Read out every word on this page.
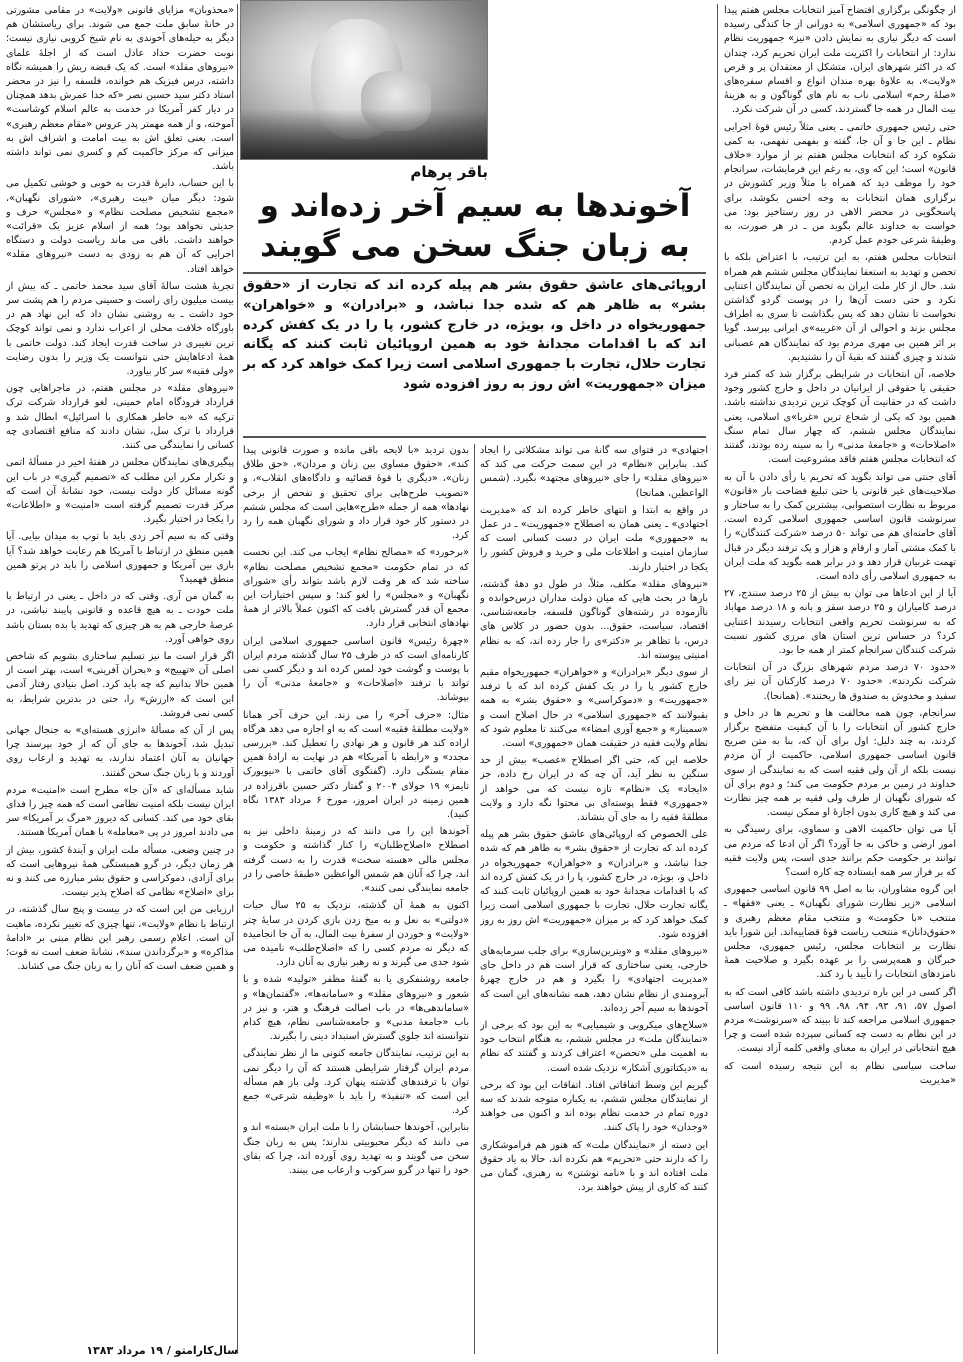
از چگونگی برگزاری افتضاح آمیز انتخابات مجلس هفتم پیدا بود که «جمهوری اسلامی» به دورانی از جا کندگی رسیده است که دیگر نیازی به نمایش دادن «نیز» جمهوریت نظام ندارد: از انتخابات را اکثریت ملت ایران تحریم کرد، چندان که در اکثر شهرهای ایران، متشکل از معتقدان پر و قرص «ولایت»، به علاوهٔ بهره مندان انواع و اقسام سفره‌های «صلهٔ رحم» اسلامی ناب به نام های گوناگون و به هزینهٔ بیت المال در همه جا گستردند، کسی در آن شرکت نکرد.

حتی رئیس جمهوری خاتمی ـ یعنی مثلاً رئیس قوهٔ اجرایی نظام ـ این جا و آن جا، گفته و بفهمی نفهمی، به کمی شکوه کرد که انتخابات مجلس هفتم بر از موارد «خلاف قانون» است؛ این که وی، به رغم این فرمایشات، سرانجام خود را موظف دید که همراه با مثلاً وزیر کشورش در برگزاری همان انتخابات به وجه احسن بکوشد، برای پاسخگویی در محضر الاهی در روز رستاخیز بود: می خواست به خداوند عالم بگوید من ـ در هر صورت، به وظیفهٔ شرعی خودم عمل کردم.

انتخابات مجلس هفتم، به این ترتیب، با اعتراض بلکه با تحصن و تهدید به استعفا نمایندگان مجلس ششم هم همراه شد. حال از کار ملت ایران به تحصن آن نمایندگان اعتنایی نکرد و حتی دست آن‌ها را در پوست گردو گذاشتن نخواست تا نشان دهد که پس بگذاشت تا سری به اطراف مجلس بزند و احوالی از آن «غریبه»ی ایرانی بپرسد. گویا بر اثر همین بی مهری مردم بود که نمایندگان هم عصبانی شدند و چیزی گفتند که بقیهٔ آن را نشنیدیم.

خلاصه، آن انتخابات در شرایطی برگزار شد که کمتر فرد حقیقی یا حقوقی از ایرانیان در داخل و خارج کشور وجود داشت که در حقانیت آن کوچک ترین تردیدی نداشته باشد. همین بود که یکی از شجاع ترین «غربا»ی اسلامی، یعنی نمایندگان مجلس ششم، که چهار سال تمام سنگ «اصلاحات» و «جامعهٔ مدنی» را به سینه زده بودند، گفتند که انتخابات مجلس هفتم فاقد مشروعیت است.

آقای جنتی می تواند بگوید که تحریم یا رأی دادن با آن به صلاحیت‌های غیر قانونی یا حتی تبلیغ فضاحت بار «قانون» مربوط به نظارت استصوابی، بیشترین کمک را به ساختار و سرنوشت قانون اساسی جمهوری اسلامی کرده است. آقای خامنه‌ای هم می تواند ۵۰ درصد «شرکت کنندگان» را با کمک مشتی آمار و ارقام و هزار و یک ترفند دیگر در قبال تهمت غربیان قرار دهد و در برابر همه بگوید که ملت ایران به جمهوری اسلامی رأی داده است.

آیا از این ادعاها می توان به بیش از ۲۵ درصد سنندج، ۲۷ درصد کامیاران و ۲۵ درصد سقز و بانه و ۱۸ درصد مهاباد که به سرنوشت تحریم واقعی انتخابات رسیدند اعتنایی کرد؟ در حساس ترین استان های مرزی کشور نسبت شرکت کنندگان سرانجام کمتر از همه جا بود.

«حدود ۷۰ درصد مردم شهرهای بزرگ در آن انتخابات شرکت نکردند». «حدود ۷۰ درصد کارکنان آن نیز رای سفید و مخدوش به صندوق ها ریختند». (همانجا).

سرانجام، چون همه مخالفت ها و تحریم ها در داخل و خارج کشور آن انتخابات را با آن کیفیت متفضح برگزار کردند، به چند دلیل: اول برای آن که، بنا به متن صریح قانون اساسی جمهوری اسلامی، حاکمیت از آن مردم نیست بلکه از آن ولی فقیه است که به نمایندگی از سوی خداوند در زمین بر مردم حکومت می کند؛ و دوم برای آن که شورای نگهبان از طرف ولی فقیه بر همه چیز نظارت می کند و هیچ کاری بدون اجازهٔ او ممکن نیست.

آیا می توان حاکمیت الاهی و سماوی، برای رسیدگی به امور ارضی و خاکی به جا آورد؟ اگر آن ادعا که مردم می توانند بر حکومت حکم برانند جدی است، پس ولایت فقیه که بر فراز سر همه ایستاده چه کاره است؟

این گروه مشاوران، بنا به اصل ۹۹ قانون اساسی جمهوری اسلامی «زیر نظارت شورای نگهبان» ـ یعنی «فقها» ـ منتخب «با حکومت» و منتخب مقام معظم رهبری و «حقوق‌دانان» منتخب ریاست قوهٔ قضاییه‌اند. این شورا باید نظارت بر انتخابات مجلس، رئیس جمهوری، مجلس خبرگان و همه‌پرسی را بر عهده بگیرد و صلاحیت همهٔ نامزدهای انتخابات را تأیید یا رد کند.

اگر کسی در این باره تردیدی داشته باشد کافی است که به اصول ۵۷، ۹۱، ۹۳، ۹۴، ۹۸، ۹۹ و ۱۱۰ قانون اساسی جمهوری اسلامی مراجعه کند تا ببیند که «سرنوشت» مردم در این نظام به دست چه کسانی سپرده شده است و چرا هیچ انتخاباتی در ایران به معنای واقعی کلمه آزاد نیست.

ساخت سیاسی نظام به این نتیجه رسیده است که «مدیریت

باقر پرهام
آخوندها به سیم آخر زده‌اند و به زبان جنگ سخن می گویند
اروپائی‌های عاشق حقوق بشر هم پیله کرده اند که تجارت از «حقوق بشر» به ظاهر هم که شده جدا نباشد، و «برادران» و «خواهران» جمهوریخواه در داخل و، بویژه، در خارج کشور، پا را در یک کفش کرده اند که با اقدامات مجدانهٔ خود به همین اروپائیان ثابت کنند که یگانه تجارت حلال، تجارت با جمهوری اسلامی است زیرا کمک خواهد کرد که بر میزان «جمهوریت» اش روز به روز افزوده شود

اجتهادی» در فتوای سه گانهٔ می تواند مشکلاتی را ایجاد کند. بنابراین «نظام» در این سمت حرکت می کند که «نیروهای مقلد» را جای «نیروهای مجتهد» بگیرد. (شمس الواعظین، همانجا)

در واقع به ابتدا و انتهای خاطر کرده اند که «مدیریت اجتهادی» ـ یعنی همان به اصطلاح «جمهوریت» ـ در عمل به «جمهوری» ملت ایران در دست کسانی است که سازمان امنیت و اطلاعات ملی و خرید و فروش کشور را یکجا در اختیار دارند.

«نیروهای مقلد» مکلف، مثلاً، در طول دو دههٔ گذشته، بارها در بحث هایی که میان دولت مداران درس‌خوانده و ناآزموده در رشته‌های گوناگون فلسفه، جامعه‌شناسی، اقتصاد، سیاست، حقوق... بدون حضور در کلاس های درس، با تظاهر بر «دکتر»ی را جار زده اند، که به نظام امنیتی پیوسته اند.

از سوی دیگر «برادران» و «خواهران» جمهوریخواه مقیم خارج کشور پا را در یک کفش کرده اند که با ترفند «جمهوریت» و «دموکراسی» و «حقوق بشر» به همه بقبولانند که «جمهوری اسلامی» در حال اصلاح است و «سمینار» و «جمع آوری امضاء» می‌کنند تا معلوم شود که نظام ولایت فقیه در حقیقت همان «جمهوری» است.

خلاصه این که، حتی اگر اصطلاح «غصب» بیش از حد سنگین به نظر آید، آن چه که در ایران رخ داده، جز «ایجاد» یک «نظام» تازه نیست که می خواهد از «جمهوری» فقط پوسته‌ای بی محتوا نگه دارد و ولایت مطلقهٔ فقیه را به جای آن بنشاند.

علی الخصوص که اروپائی‌های عاشق حقوق بشر هم پیله کرده اند که تجارت از «حقوق بشر» به ظاهر هم که شده جدا نباشد، و «برادران» و «خواهران» جمهوریخواه در داخل و، بویژه، در خارج کشور، پا را در یک کفش کرده اند که با اقدامات مجدانهٔ خود به همین اروپائیان ثابت کنند که یگانه تجارت حلال، تجارت با جمهوری اسلامی است زیرا کمک خواهد کرد که بر میزان «جمهوریت» اش روز به روز افزوده شود.

«نیروهای مقلد» و «ویترین‌سازی» برای جلب سرمایه‌های خارجی، یعنی ساختاری که قرار است هم در داخل جای «مدیریت اجتهادی» را بگیرد و هم در خارج چهرهٔ آبرومندی از نظام نشان دهد، همه نشانه‌های این است که آخوندها به سیم آخر زده‌اند.

«سلاح‌های میکروبی و شیمیایی» به این بود که برخی از «نمایندگان ملت» در مجلس ششم، به هنگام انتخاب خود به اهمیت ملی «تحصن» اعتراف کردند و گفتند که نظام به «دیکتاتوری آشکار» نزدیک شده است.

گیریم این وسط اتفاقاتی افتاد. اتفاقات این بود که برخی از نمایندگان مجلس ششم، به یکباره متوجه شدند که سه دوره تمام در خدمت نظام بوده اند و اکنون می خواهند «وجدان» خود را پاک کنند.

این دسته از «نمایندگان ملت» که هنوز هم فراموشکاری را که دارند حتی «تحریم» هم نکرده اند، حالا به یاد حقوق ملت افتاده اند و با «نامه نوشتن» به رهبری، گمان می کنند که کاری از پیش خواهند برد.

بدون تردید «با لایحه باقی مانده و صورت قانونی پیدا کند»، «حقوق مساوی بین زنان و مردان»، «حق طلاق زنان»، «دیگری با قوهٔ قضائیه و دادگاه‌های انقلاب»، و «تصویب طرح‌هایی برای تحقیق و تفحص از برخی نهادها» همه از جمله «طرح»هایی است که مجلس ششم در دستور کار خود قرار داد و شورای نگهبان همه را رد کرد.

«برخورد» که «مصالح نظام» ایجاب می کند. این نخست که در تمام حکومت «مجمع تشخیص مصلحت نظام» ساخته شد که هر وقت لازم باشد بتواند رأی «شورای نگهبان» و «مجلس» را لغو کند؛ و سپس اختیارات این مجمع آن قدر گسترش یافت که اکنون عملاً بالاتر از همهٔ نهادهای انتخابی قرار دارد.

«چهرهٔ رئیس» قانون اساسی جمهوری اسلامی ایران کارنامه‌ای است که در ظرف ۲۵ سال گذشته مردم ایران با پوست و گوشت خود لمس کرده اند و دیگر کسی نمی تواند با ترفند «اصلاحات» و «جامعهٔ مدنی» آن را بپوشاند.

مثال: «حرف آخر» را می زند. این حرف آخر همانا «ولایت مطلقهٔ فقیه» است که به او اجازه می دهد هرگاه اراده کند هر قانون و هر نهادی را تعطیل کند. «بررسی مجدد» و «رابطه با آمریکا» هم در نهایت به ارادهٔ همین مقام بستگی دارد. (گفتگوی آقای خاتمی با «نیویورک تایمز» ۱۹ جولای ۲۰۰۴ و گفتار دکتر حسین باقرزاده در همین زمینه در ایران امروز، مورخ ۶ مرداد ۱۳۸۳ نگاه کنید).

آخوندها این را می دانند که در زمینهٔ داخلی نیز به اصطلاح «اصلاح‌طلبان» را کنار گذاشته و حکومت و مجلس مالی «هسته سخت» قدرت را به دست گرفته اند، چرا که آنان هم شمس الواعظین «طبقهٔ خاصی را در جامعه نمایندگی نمی کنند».

اکنون به همهٔ آن گذشته، نزدیک به ۲۵ سال حیات «دولتی» به نعل و به میخ زدن بازی کردن در سایهٔ چتر «ولایت» و خوردن از سفرهٔ بیت المال، به آن جا انجامیده که دیگر نه مردم کسی را که «اصلاح‌طلب» نامیده می شود جدی می گیرند و نه رهبر نیازی به آنان دارد.

جامعه روشنفکری یا به گفتهٔ مظفر «تولید» شده و با شعور و «نیروهای مقلد» و «سامانه‌ها»، «گفتمان‌ها» و «ساماندهی‌ها» در باب اصالت فرهنگ و هنر، و نیز در باب «جامعهٔ مدنی» و جامعه‌شناسی نظام، هیچ کدام نتوانسته اند جلوی گسترش استبداد دینی را بگیرند.

به این ترتیب، نمایندگان جامعه کنونی ما از نظر نمایندگی مردم ایران گرفتار شرایطی هستند که آن را دیگر نمی توان با ترفندهای گذشته پنهان کرد. ولی باز هم مسأله این است که «تنفیذ» را باید با «وظیفه شرعی» جمع کرد.

بنابراین، آخوندها حسابشان را با ملت ایران «بسته» اند و می دانند که دیگر محبوبیتی ندارند؛ پس به زبان جنگ سخن می گویند و به تهدید روی آورده اند، چرا که بقای خود را تنها در گرو سرکوب و ارعاب می بینند.

«محذوبان» مزایای قانونی «ولایت» در مقامی مشورتی در خانهٔ سابق ملت جمع می شوند. برای ریاستشان هم دیگر به حیله‌های آخوندی به نام شیخ کروبی نیازی نیست؛ نوبت حضرت حداد عادل است که از اجلهٔ علمای «نیروهای مقلد» است. که یک قبضه ریش را همیشه نگاه داشته، درس فیزیک هم خوانده، فلسفه را نیز در محضر استاد دکتر سید حسین نصر «که خدا عمرش بدهد همچنان در دیار کفر آمریکا در خدمت به عالم اسلام کوشاست» آموخته، و از همه مهمتر پدر عروس «مقام معظم رهبری» است. یعنی تعلق اش به بیت امامت و اشراف اش به میزانی که مرکز حاکمیت کم و کسری نمی تواند داشته باشد.

با این حساب، دایرهٔ قدرت به خوبی و خوشی تکمیل می شود: دیگر میان «بیت رهبری»، «شورای نگهبان»، «مجمع تشخیص مصلحت نظام» و «مجلس» حرف و حدیثی نخواهد بود؛ همه از اسلام عزیز یک «قرائت» خواهند داشت. باقی می ماند ریاست دولت و دستگاه اجرایی که آن هم به زودی به دست «نیروهای مقلد» خواهد افتاد.

تجربهٔ هشت سالهٔ آقای سید محمد خاتمی ـ که بیش از بیست میلیون رای راست و حسینی مردم را هم پشت سر خود داشت ـ به روشنی نشان داد که این نهاد هم در باورگاه خلافت محلی از اعراب ندارد و نمی تواند کوچک ترین تغییری در ساخت قدرت ایجاد کند. دولت خاتمی با همهٔ ادعاهایش حتی نتوانست یک وزیر را بدون رضایت «ولی فقیه» سر کار بیاورد.

«نیروهای مقلد» در مجلس هفتم، در ماجراهایی چون قرارداد فرودگاه امام خمینی، لغو قرارداد شرکت ترک ترکیه که «به خاطر همکاری با اسرائیل» ابطال شد و قرارداد با ترک سل، نشان دادند که منافع اقتصادی چه کسانی را نمایندگی می کنند.

پیگیری‌های نمایندگان مجلس در هفتهٔ اخیر در مسألهٔ اتمی و تکرار مکرر این مطلب که «تصمیم گیری» در باب این گونه مسائل کار دولت نیست، خود نشانهٔ آن است که مرکز قدرت تصمیم گرفته است «امنیت» و «اطلاعات» را یکجا در اختیار بگیرد.

وقتی که به سیم آخر زدی باید با توپ به میدان بیایی. آیا همین منطق در ارتباط با آمریکا هم رعایت خواهد شد؟ آیا بازی بین آمریکا و جمهوری اسلامی را باید در پرتو همین منطق فهمید؟

به گمان من آری. وقتی که در داخل ـ یعنی در ارتباط با ملت خودت ـ به هیچ قاعده و قانونی پایبند نباشی، در عرصهٔ خارجی هم به هر چیزی که تهدید یا بده بستان باشد روی خواهی آورد.

اگر قرار است ما نیز تسلیم ساختاری بشویم که شاخص اصلی آن «تهییج» و «بحران آفرینی» است، بهتر است از همین حالا بدانیم که چه باید کرد. اصل بنیادی رفتار آدمی این است که «ارزش» را، حتی در بدترین شرایط، به کسی نمی فروشد.

پس از آن که مسألهٔ «انرژی هسته‌ای» به جنجال جهانی تبدیل شد، آخوندها به جای آن که از خود بپرسند چرا جهانیان به آنان اعتماد ندارند، به تهدید و ارعاب روی آوردند و با زبان جنگ سخن گفتند.

شاید مسأله‌ای که «آن جا» مطرح است «امنیت» مردم ایران نیست بلکه امنیت نظامی است که همه چیز را فدای بقای خود می کند. کسانی که دیروز «مرگ بر آمریکا» سر می دادند امروز در پی «معامله» با همان آمریکا هستند.

در چنین وضعی، مسأله ملت ایران و آیندهٔ کشور، بیش از هر زمان دیگر، در گرو همبستگی همهٔ نیروهایی است که برای آزادی، دموکراسی و حقوق بشر مبارزه می کنند و نه برای «اصلاح» نظامی که اصلاح پذیر نیست.

ارزیابی من این است که در بیست و پنج سال گذشته، در ارتباط با نظام «ولایت»، تنها چیزی که تغییر نکرده، ماهیت آن است. اعلام رسمی رهبر این نظام مبنی بر «ادامهٔ مذاکره» و «برگرداندن سند»، نشانهٔ ضعف است نه قوت؛ و همین ضعف است که آنان را به زبان جنگ می کشاند.

سال‌کارامتو / ۱۹ مرداد ۱۳۸۳
